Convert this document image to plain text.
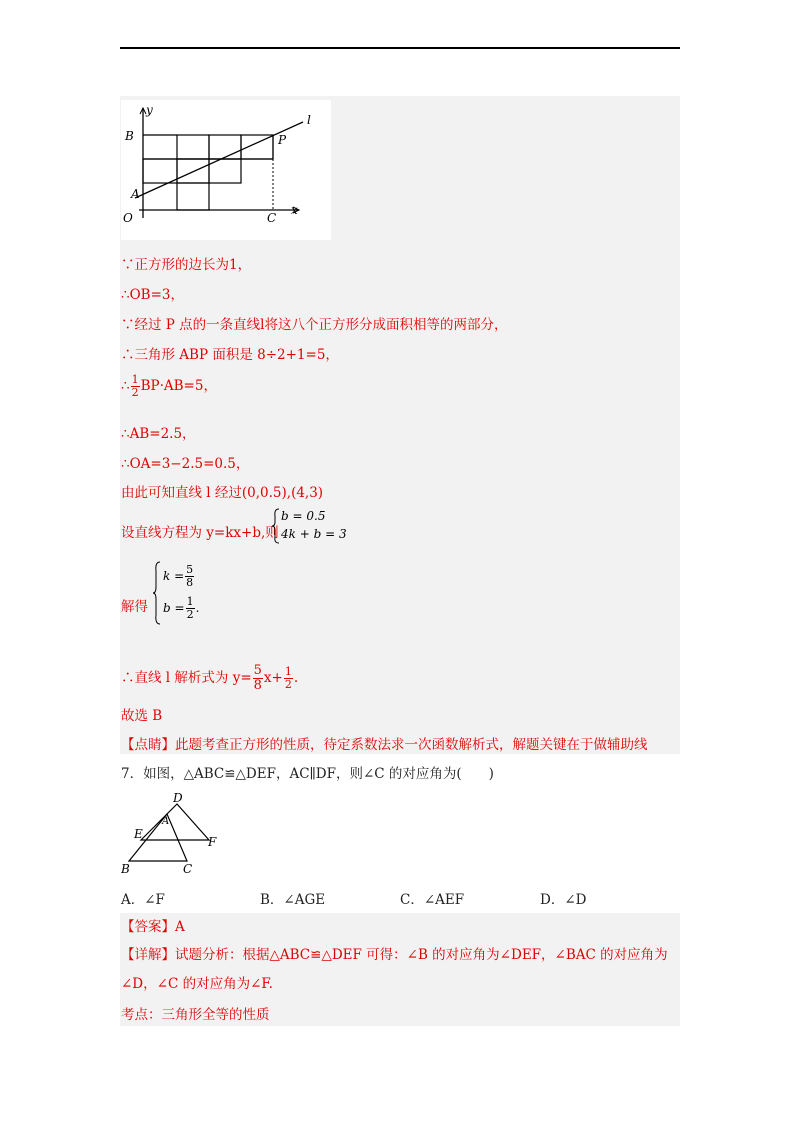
y
B	P
l
A
O	C
x
∵正方形的边长为1，
∴OB=3，
∵经过 P 点的一条直线l将这八个正方形分成面积相等的两部分，
∴三角形 ABP 面积是 8÷2+1=5，
∴ $\frac{1}{2} BP\cdot AB=5$，
∴AB=2.5，
∴OA=3−2.5=0.5，
由此可知直线 l 经过(0,0.5),(4,3)
设直线方程为 y=kx+b,则
b = 0.5
4k + b = 3
解得
$k = \frac{5}{8}$
$b = \frac{1}{2}$ .
∴直线 l 解析式为 $y= \frac{5}{8} x+ \frac{1}{2}$ .
故选 B
【点睛】此题考查正方形的性质，待定系数法求一次函数解析式，解题关键在于做辅助线
7．如图，△ABC≌△DEF，AC∥DF，则∠C 的对应角为(　　)
D
A
E
F
B	C
A．∠F	B．∠AGE	C．∠AEF	D．∠D
【答案】A
【详解】试题分析：根据△ABC≌△DEF 可得：∠B 的对应角为∠DEF，∠BAC 的对应角为
∠D，∠C 的对应角为∠F.
考点：三角形全等的性质
